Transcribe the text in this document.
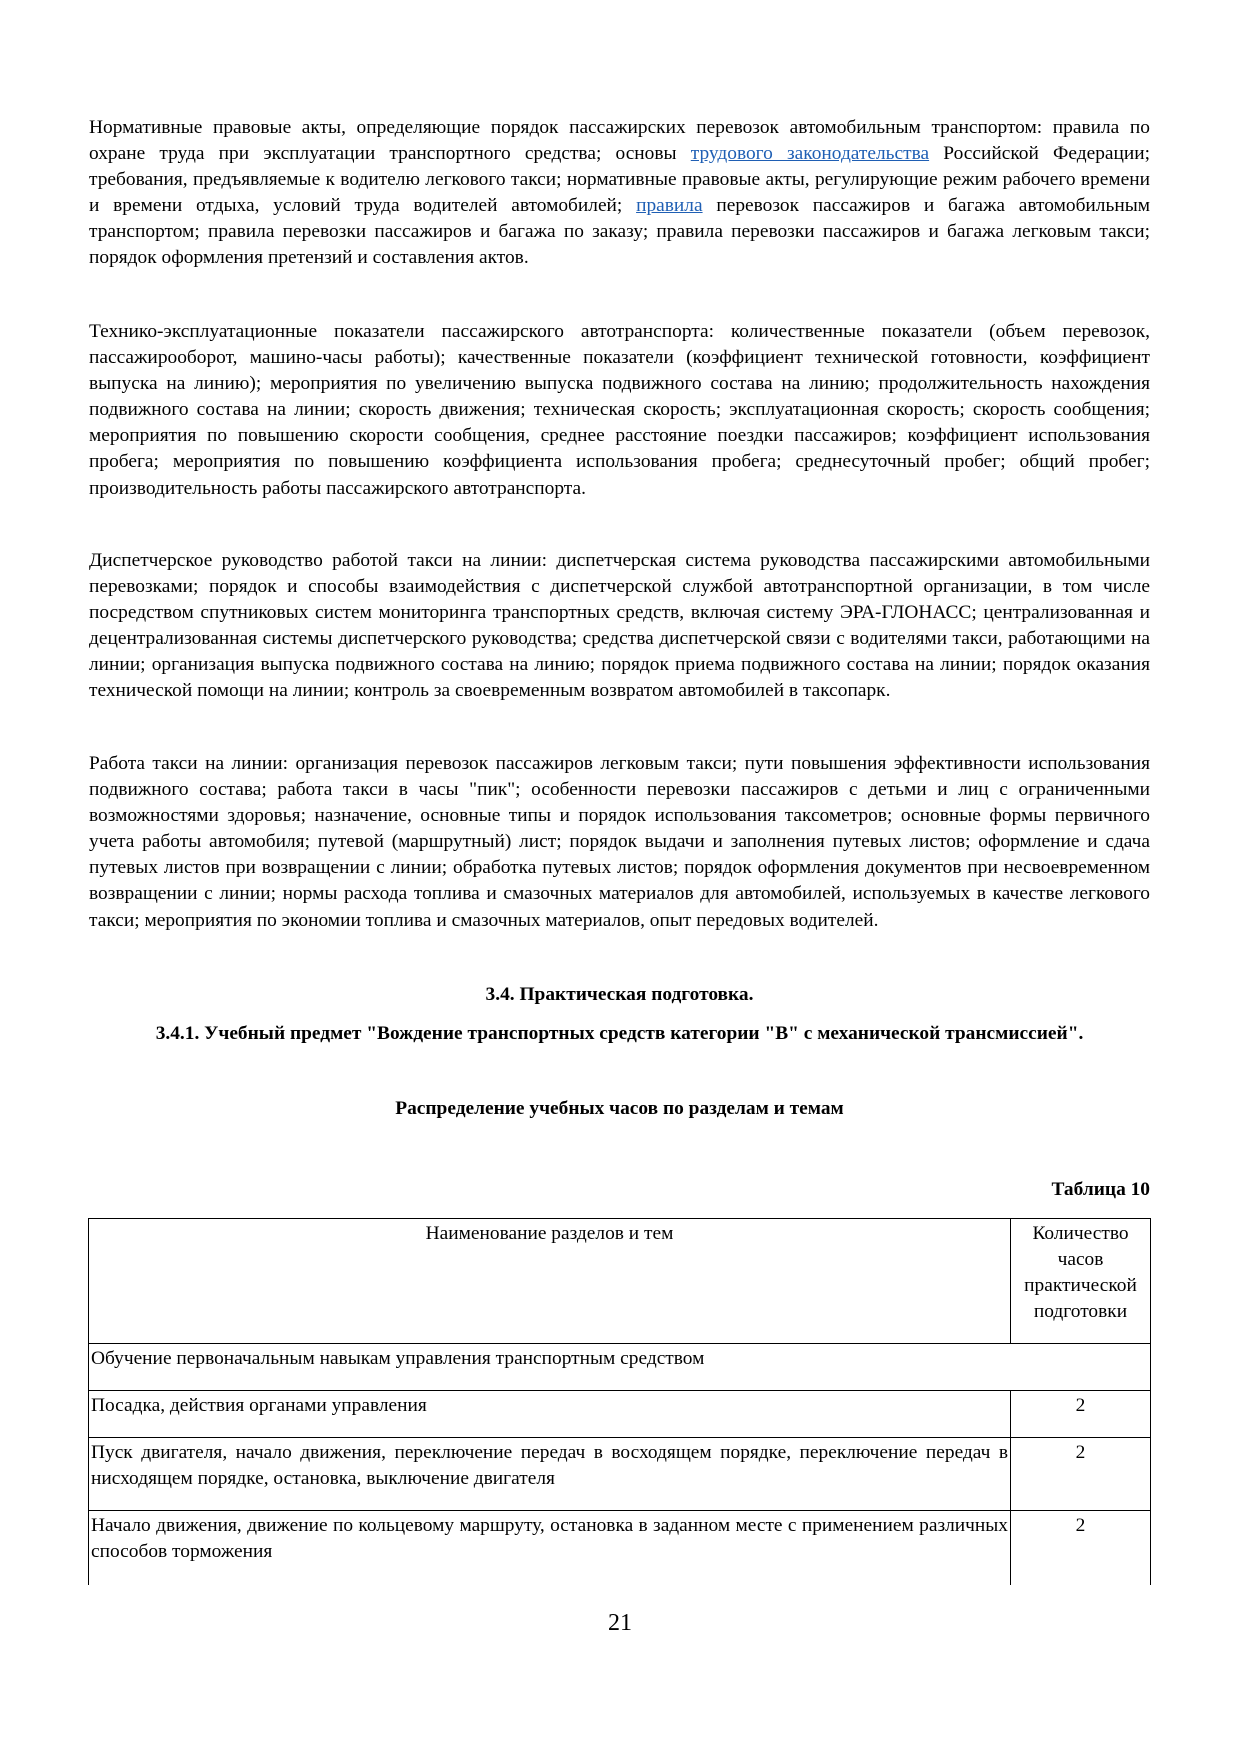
Нормативные правовые акты, определяющие порядок пассажирских перевозок автомобильным транспортом: правила по охране труда при эксплуатации транспортного средства; основы трудового законодательства Российской Федерации; требования, предъявляемые к водителю легкового такси; нормативные правовые акты, регулирующие режим рабочего времени и времени отдыха, условий труда водителей автомобилей; правила перевозок пассажиров и багажа автомобильным транспортом; правила перевозки пассажиров и багажа по заказу; правила перевозки пассажиров и багажа легковым такси; порядок оформления претензий и составления актов.

Технико-эксплуатационные показатели пассажирского автотранспорта: количественные показатели (объем перевозок, пассажирооборот, машино-часы работы); качественные показатели (коэффициент технической готовности, коэффициент выпуска на линию); мероприятия по увеличению выпуска подвижного состава на линию; продолжительность нахождения подвижного состава на линии; скорость движения; техническая скорость; эксплуатационная скорость; скорость сообщения; мероприятия по повышению скорости сообщения, среднее расстояние поездки пассажиров; коэффициент использования пробега; мероприятия по повышению коэффициента использования пробега; среднесуточный пробег; общий пробег; производительность работы пассажирского автотранспорта.

Диспетчерское руководство работой такси на линии: диспетчерская система руководства пассажирскими автомобильными перевозками; порядок и способы взаимодействия с диспетчерской службой автотранспортной организации, в том числе посредством спутниковых систем мониторинга транспортных средств, включая систему ЭРА-ГЛОНАСС; централизованная и децентрализованная системы диспетчерского руководства; средства диспетчерской связи с водителями такси, работающими на линии; организация выпуска подвижного состава на линию; порядок приема подвижного состава на линии; порядок оказания технической помощи на линии; контроль за своевременным возвратом автомобилей в таксопарк.

Работа такси на линии: организация перевозок пассажиров легковым такси; пути повышения эффективности использования подвижного состава; работа такси в часы "пик"; особенности перевозки пассажиров с детьми и лиц с ограниченными возможностями здоровья; назначение, основные типы и порядок использования таксометров; основные формы первичного учета работы автомобиля; путевой (маршрутный) лист; порядок выдачи и заполнения путевых листов; оформление и сдача путевых листов при возвращении с линии; обработка путевых листов; порядок оформления документов при несвоевременном возвращении с линии; нормы расхода топлива и смазочных материалов для автомобилей, используемых в качестве легкового такси; мероприятия по экономии топлива и смазочных материалов, опыт передовых водителей.

3.4. Практическая подготовка.
3.4.1. Учебный предмет "Вождение транспортных средств категории "B" с механической трансмиссией".
Распределение учебных часов по разделам и темам
Таблица 10
Наименование разделов и тем	Количество часов практической подготовки
Обучение первоначальным навыкам управления транспортным средством	
Посадка, действия органами управления	2
Пуск двигателя, начало движения, переключение передач в восходящем порядке, переключение передач в нисходящем порядке, остановка, выключение двигателя	2
Начало движения, движение по кольцевому маршруту, остановка в заданном месте с применением различных способов торможения	2
21
